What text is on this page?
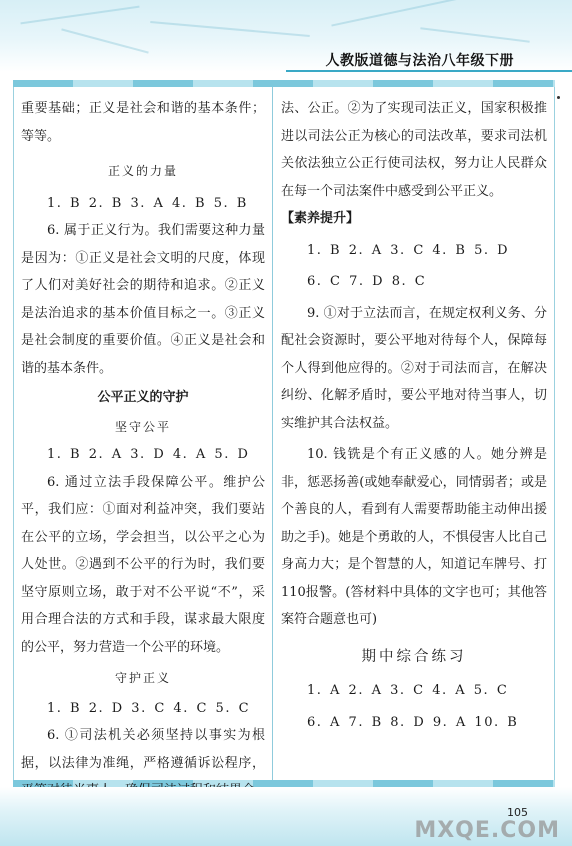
人教版道德与法治八年级下册

重要基础；正义是社会和谐的基本条件；等等。

正义的力量

1. B 2. B 3. A 4. B 5. B

6. 属于正义行为。我们需要这种力量是因为：①正义是社会文明的尺度，体现了人们对美好社会的期待和追求。②正义是法治追求的基本价值目标之一。③正义是社会制度的重要价值。④正义是社会和谐的基本条件。

公平正义的守护

坚守公平

1. B 2. A 3. D 4. A 5. D

6. 通过立法手段保障公平。维护公平，我们应：①面对利益冲突，我们要站在公平的立场，学会担当，以公平之心为人处世。②遇到不公平的行为时，我们要坚守原则立场，敢于对不公平说“不”，采用合理合法的方式和手段，谋求最大限度的公平，努力营造一个公平的环境。

守护正义

1. B 2. D 3. C 4. C 5. C

6. ①司法机关必须坚持以事实为根据，以法律为准绳，严格遵循诉讼程序，

法、公正。②为了实现司法正义，国家积极推进以司法公正为核心的司法改革，要求司法机关依法独立公正行使司法权，努力让人民群众在每一个司法案件中感受到公平正义。

【素养提升】

1. B 2. A 3. C 4. B 5. D

6. C 7. D 8. C

9. ①对于立法而言，在规定权利义务、分配社会资源时，要公平地对待每个人，保障每个人得到他应得的。②对于司法而言，在解决纠纷、化解矛盾时，要公平地对待当事人，切实维护其合法权益。

10. 钱铣是个有正义感的人。她分辨是非，惩恶扬善(或她奉献爱心，同情弱者；或是个善良的人，看到有人需要帮助能主动伸出援助之手)。她是个勇敢的人，不惧侵害人比自己身高力大；是个智慧的人，知道记车牌号、打110报警。(答材料中具体的文字也可；其他答案符合题意也可)

期中综合练习

1. A 2. A 3. C 4. A 5. C

6. A 7. B 8. D 9. A 10. B

105
MXQE.COM
